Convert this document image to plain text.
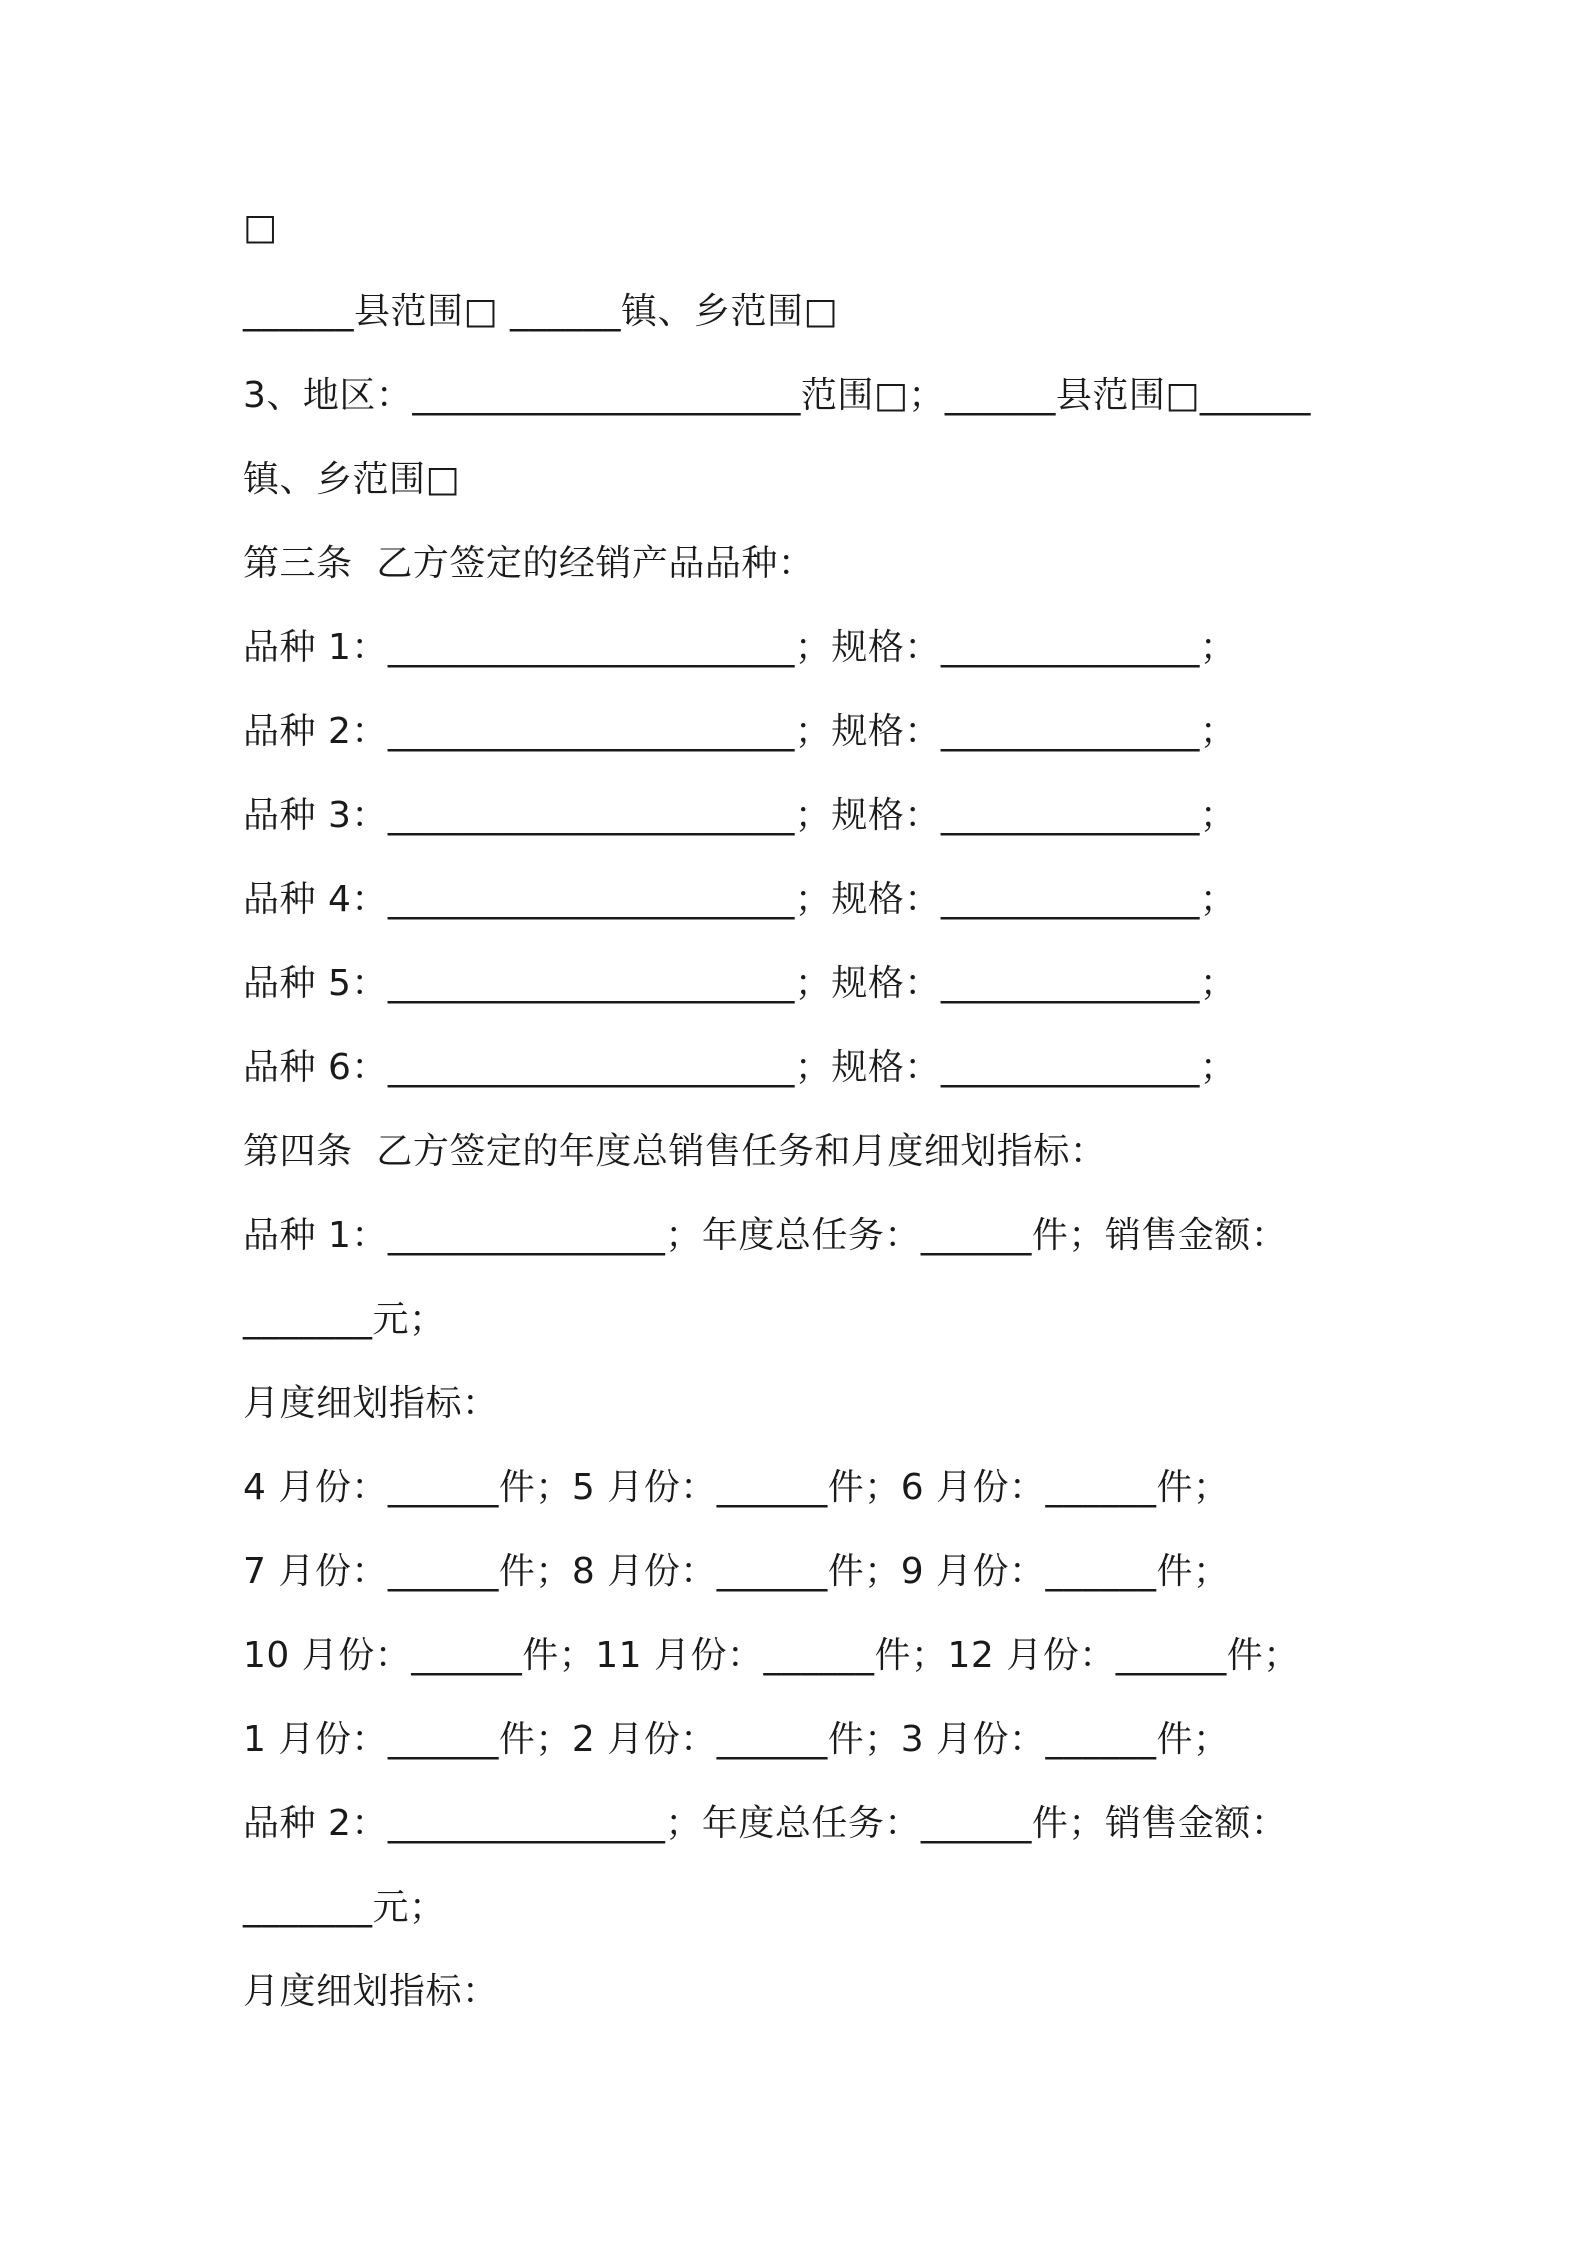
□
______县范围□ ______镇、乡范围□
3、地区：_____________________范围□；______县范围□______
镇、乡范围□
第三条  乙方签定的经销产品品种：
品种 1：______________________；规格：______________；
品种 2：______________________；规格：______________；
品种 3：______________________；规格：______________；
品种 4：______________________；规格：______________；
品种 5：______________________；规格：______________；
品种 6：______________________；规格：______________；
第四条  乙方签定的年度总销售任务和月度细划指标：
品种 1：_______________；年度总任务：______件；销售金额：
_______元；
月度细划指标：
4 月份：______件；5 月份：______件；6 月份：______件；
7 月份：______件；8 月份：______件；9 月份：______件；
10 月份：______件；11 月份：______件；12 月份：______件；
1 月份：______件；2 月份：______件；3 月份：______件；
品种 2：_______________；年度总任务：______件；销售金额：
_______元；
月度细划指标：
